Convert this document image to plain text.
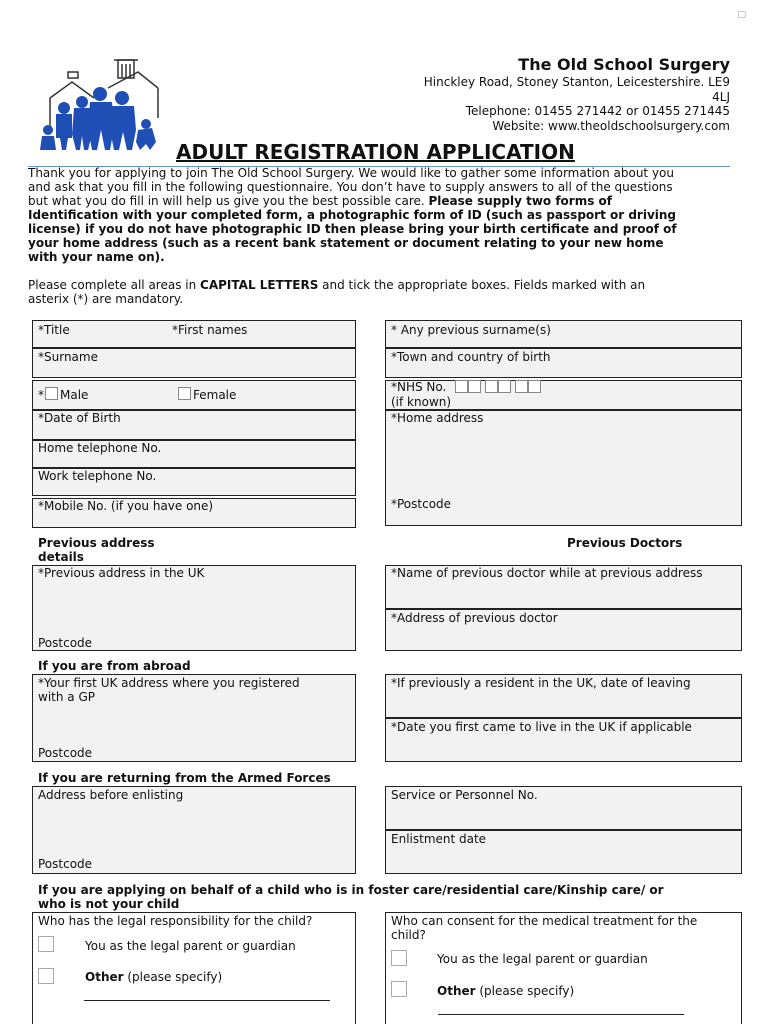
□
The Old School Surgery
Hinckley Road, Stoney Stanton, Leicestershire. LE9
4LJ
Telephone: 01455 271442 or 01455 271445
Website: www.theoldschoolsurgery.com
ADULT REGISTRATION APPLICATION
Thank you for applying to join The Old School Surgery. We would like to gather some information about you
and ask that you fill in the following questionnaire. You don’t have to supply answers to all of the questions
but what you do fill in will help us give you the best possible care. Please supply two forms of
Identification with your completed form, a photographic form of ID (such as passport or driving
license) if you do not have photographic ID then please bring your birth certificate and proof of
your home address (such as a recent bank statement or document relating to your new home
with your name on).
Please complete all areas in CAPITAL LETTERS and tick the appropriate boxes. Fields marked with an
asterix (*) are mandatory.
*Title	*First names
*Surname
* Male	Female
*Date of Birth
Home telephone No.
Work telephone No.
*Mobile No. (if you have one)
* Any previous surname(s)
*Town and country of birth
*NHS No.

(if known)
*Home address
*Postcode
Previous address
details
Previous Doctors
*Previous address in the UK
Postcode
*Name of previous doctor while at previous address
*Address of previous doctor
If you are from abroad
*Your first UK address where you registered
with a GP
Postcode
*If previously a resident in the UK, date of leaving
*Date you first came to live in the UK if applicable
If you are returning from the Armed Forces
Address before enlisting
Postcode
Service or Personnel No.
Enlistment date
If you are applying on behalf of a child who is in foster care/residential care/Kinship care/ or
who is not your child
Who has the legal responsibility for the child?
You as the legal parent or guardian
Other (please specify)
Who can consent for the medical treatment for the
child?
You as the legal parent or guardian
Other (please specify)
